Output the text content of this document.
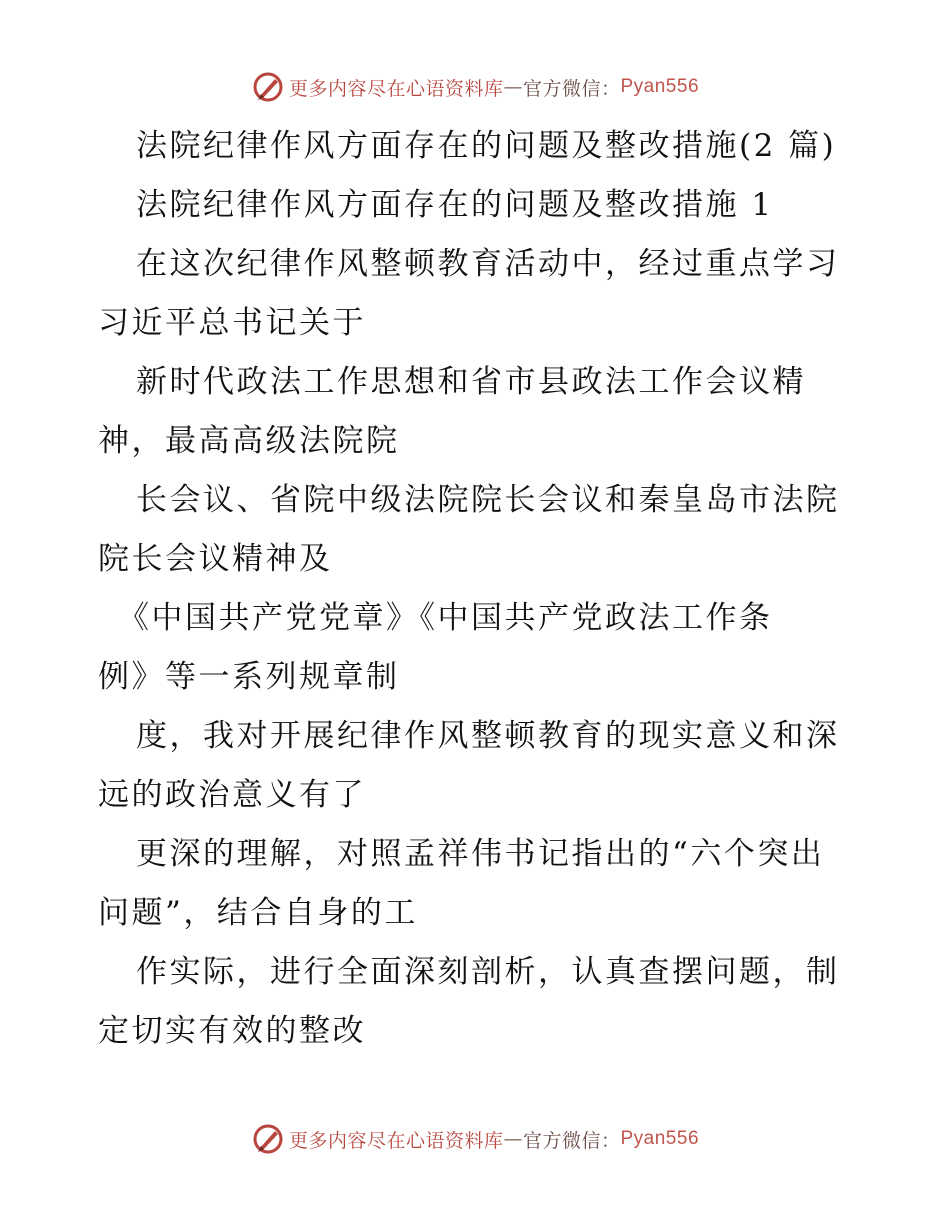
更多内容尽在心语资料库 — 官方微信： Pyan556
法院纪律作风方面存在的问题及整改措施(2 篇)
法院纪律作风方面存在的问题及整改措施 1
在这次纪律作风整顿教育活动中，经过重点学习
习近平总书记关于
新时代政法工作思想和省市县政法工作会议精
神，最高高级法院院
长会议、省院中级法院院长会议和秦皇岛市法院
院长会议精神及
《中国共产党党章》《中国共产党政法工作条
例》等一系列规章制
度，我对开展纪律作风整顿教育的现实意义和深
远的政治意义有了
更深的理解，对照孟祥伟书记指出的“六个突出
问题”，结合自身的工
作实际，进行全面深刻剖析，认真查摆问题，制
定切实有效的整改
更多内容尽在心语资料库 — 官方微信： Pyan556
